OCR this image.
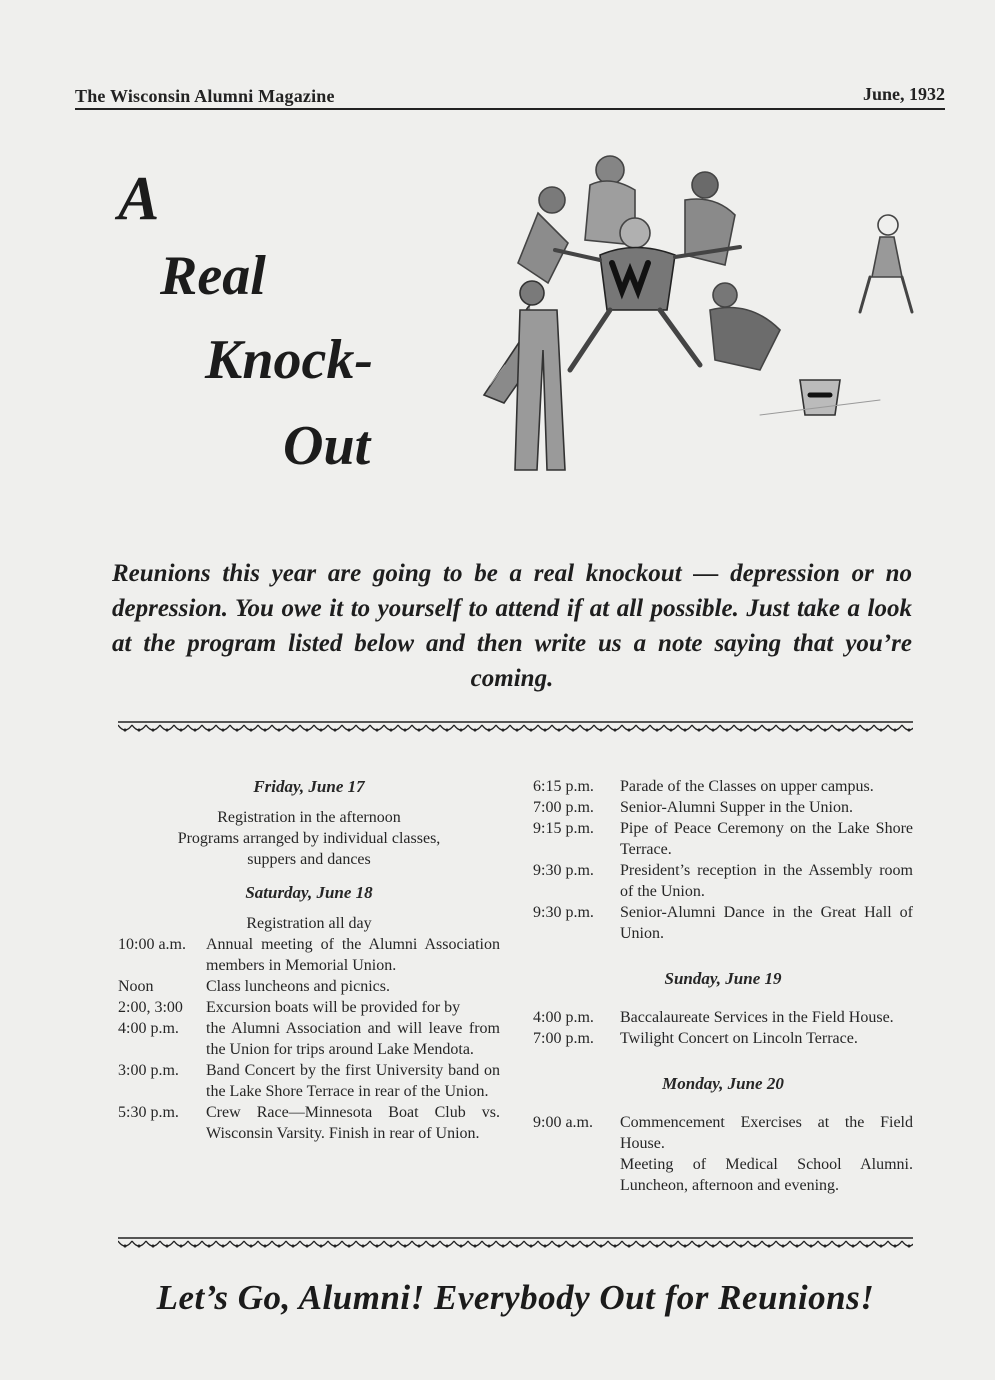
The Wisconsin Alumni Magazine	June, 1932
A
Real
Knock-
Out
Reunions this year are going to be a real knockout — depression or no depression. You owe it to yourself to attend if at all possible. Just take a look at the program listed below and then write us a note saying that you’re coming.
Friday, June 17
Registration in the afternoon
Programs arranged by individual classes,
suppers and dances
Saturday, June 18
Registration all day
10:00 a.m.	Annual meeting of the Alumni Association members in Memorial Union.
Noon	Class luncheons and picnics.
2:00, 3:00	Excursion boats will be provided for by
4:00 p.m.	the Alumni Association and will leave from the Union for trips around Lake Mendota.
3:00 p.m.	Band Concert by the first University band on the Lake Shore Terrace in rear of the Union.
5:30 p.m.	Crew Race—Minnesota Boat Club vs. Wisconsin Varsity. Finish in rear of Union.
6:15 p.m.	Parade of the Classes on upper campus.
7:00 p.m.	Senior-Alumni Supper in the Union.
9:15 p.m.	Pipe of Peace Ceremony on the Lake Shore Terrace.
9:30 p.m.	President’s reception in the Assembly room of the Union.
9:30 p.m.	Senior-Alumni Dance in the Great Hall of Union.
Sunday, June 19
4:00 p.m.	Baccalaureate Services in the Field House.
7:00 p.m.	Twilight Concert on Lincoln Terrace.
Monday, June 20
9:00 a.m.	Commencement Exercises at the Field House.
Meeting of Medical School Alumni. Luncheon, afternoon and evening.
Let’s Go, Alumni! Everybody Out for Reunions!
